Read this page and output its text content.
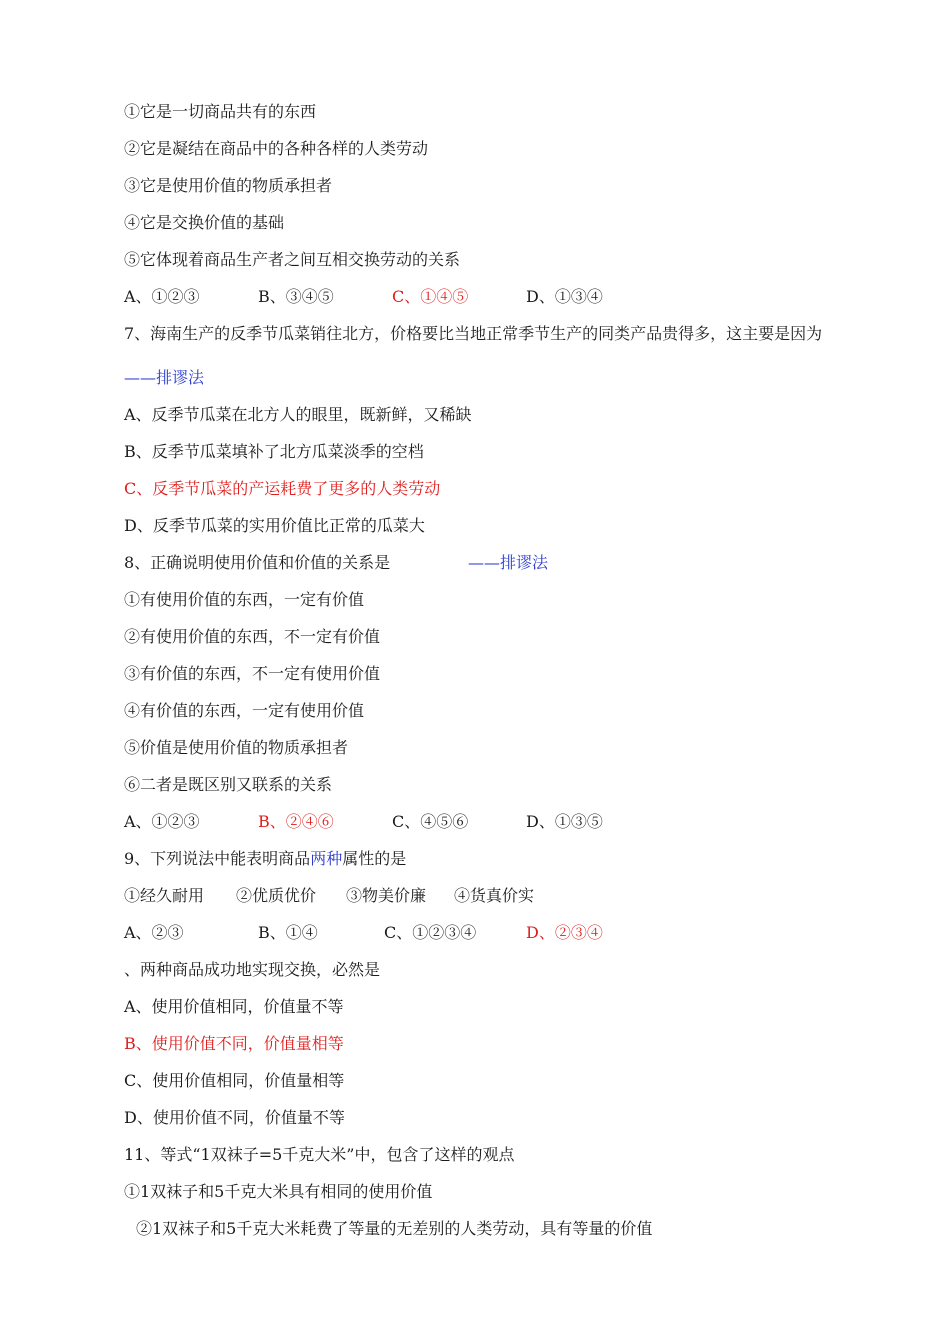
①它是一切商品共有的东西
②它是凝结在商品中的各种各样的人类劳动
③它是使用价值的物质承担者
④它是交换价值的基础
⑤它体现着商品生产者之间互相交换劳动的关系
A、①②③	B、③④⑤	C、①④⑤	D、①③④
7、海南生产的反季节瓜菜销往北方，价格要比当地正常季节生产的同类产品贵得多，这主要是因为
——排谬法
A、反季节瓜菜在北方人的眼里，既新鲜，又稀缺
B、反季节瓜菜填补了北方瓜菜淡季的空档
C、反季节瓜菜的产运耗费了更多的人类劳动
D、反季节瓜菜的实用价值比正常的瓜菜大
8、正确说明使用价值和价值的关系是	——排谬法
①有使用价值的东西，一定有价值
②有使用价值的东西，不一定有价值
③有价值的东西，不一定有使用价值
④有价值的东西，一定有使用价值
⑤价值是使用价值的物质承担者
⑥二者是既区别又联系的关系
A、①②③	B、②④⑥	C、④⑤⑥	D、①③⑤
9、下列说法中能表明商品两种属性的是
①经久耐用 ②优质优价 ③物美价廉 ④货真价实
A、②③	B、①④	C、①②③④	D、②③④
、两种商品成功地实现交换，必然是
A、使用价值相同，价值量不等
B、使用价值不同，价值量相等
C、使用价值相同，价值量相等
D、使用价值不同，价值量不等
11、等式“1双袜子=5千克大米”中，包含了这样的观点
①1双袜子和5千克大米具有相同的使用价值
②1双袜子和5千克大米耗费了等量的无差别的人类劳动，具有等量的价值
